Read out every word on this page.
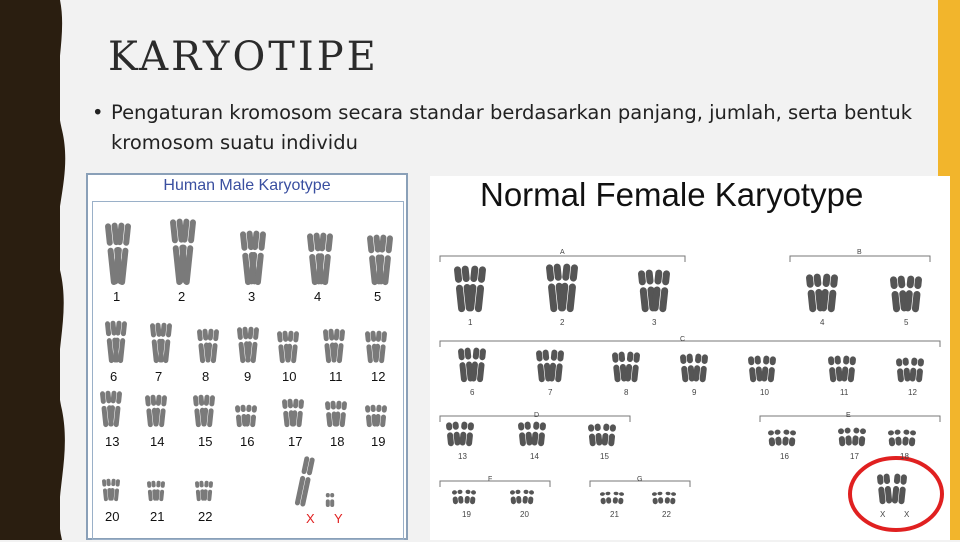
KARYOTIPE
• Pengaturan kromosom secara standar berdasarkan panjang, jumlah, serta bentuk kromosom suatu individu
Human Male Karyotype
1	2	3	4	5
6	7	8	9 10	11 12
13 14	15 16	17 18 19
20 21	22	X Y
Normal Female Karyotype
A	B
C
D	E
F	G
1	2	3	4	5
6	7	8	9	10	11	12
13	14	15	16	17	18
19	20	21	22	X X
